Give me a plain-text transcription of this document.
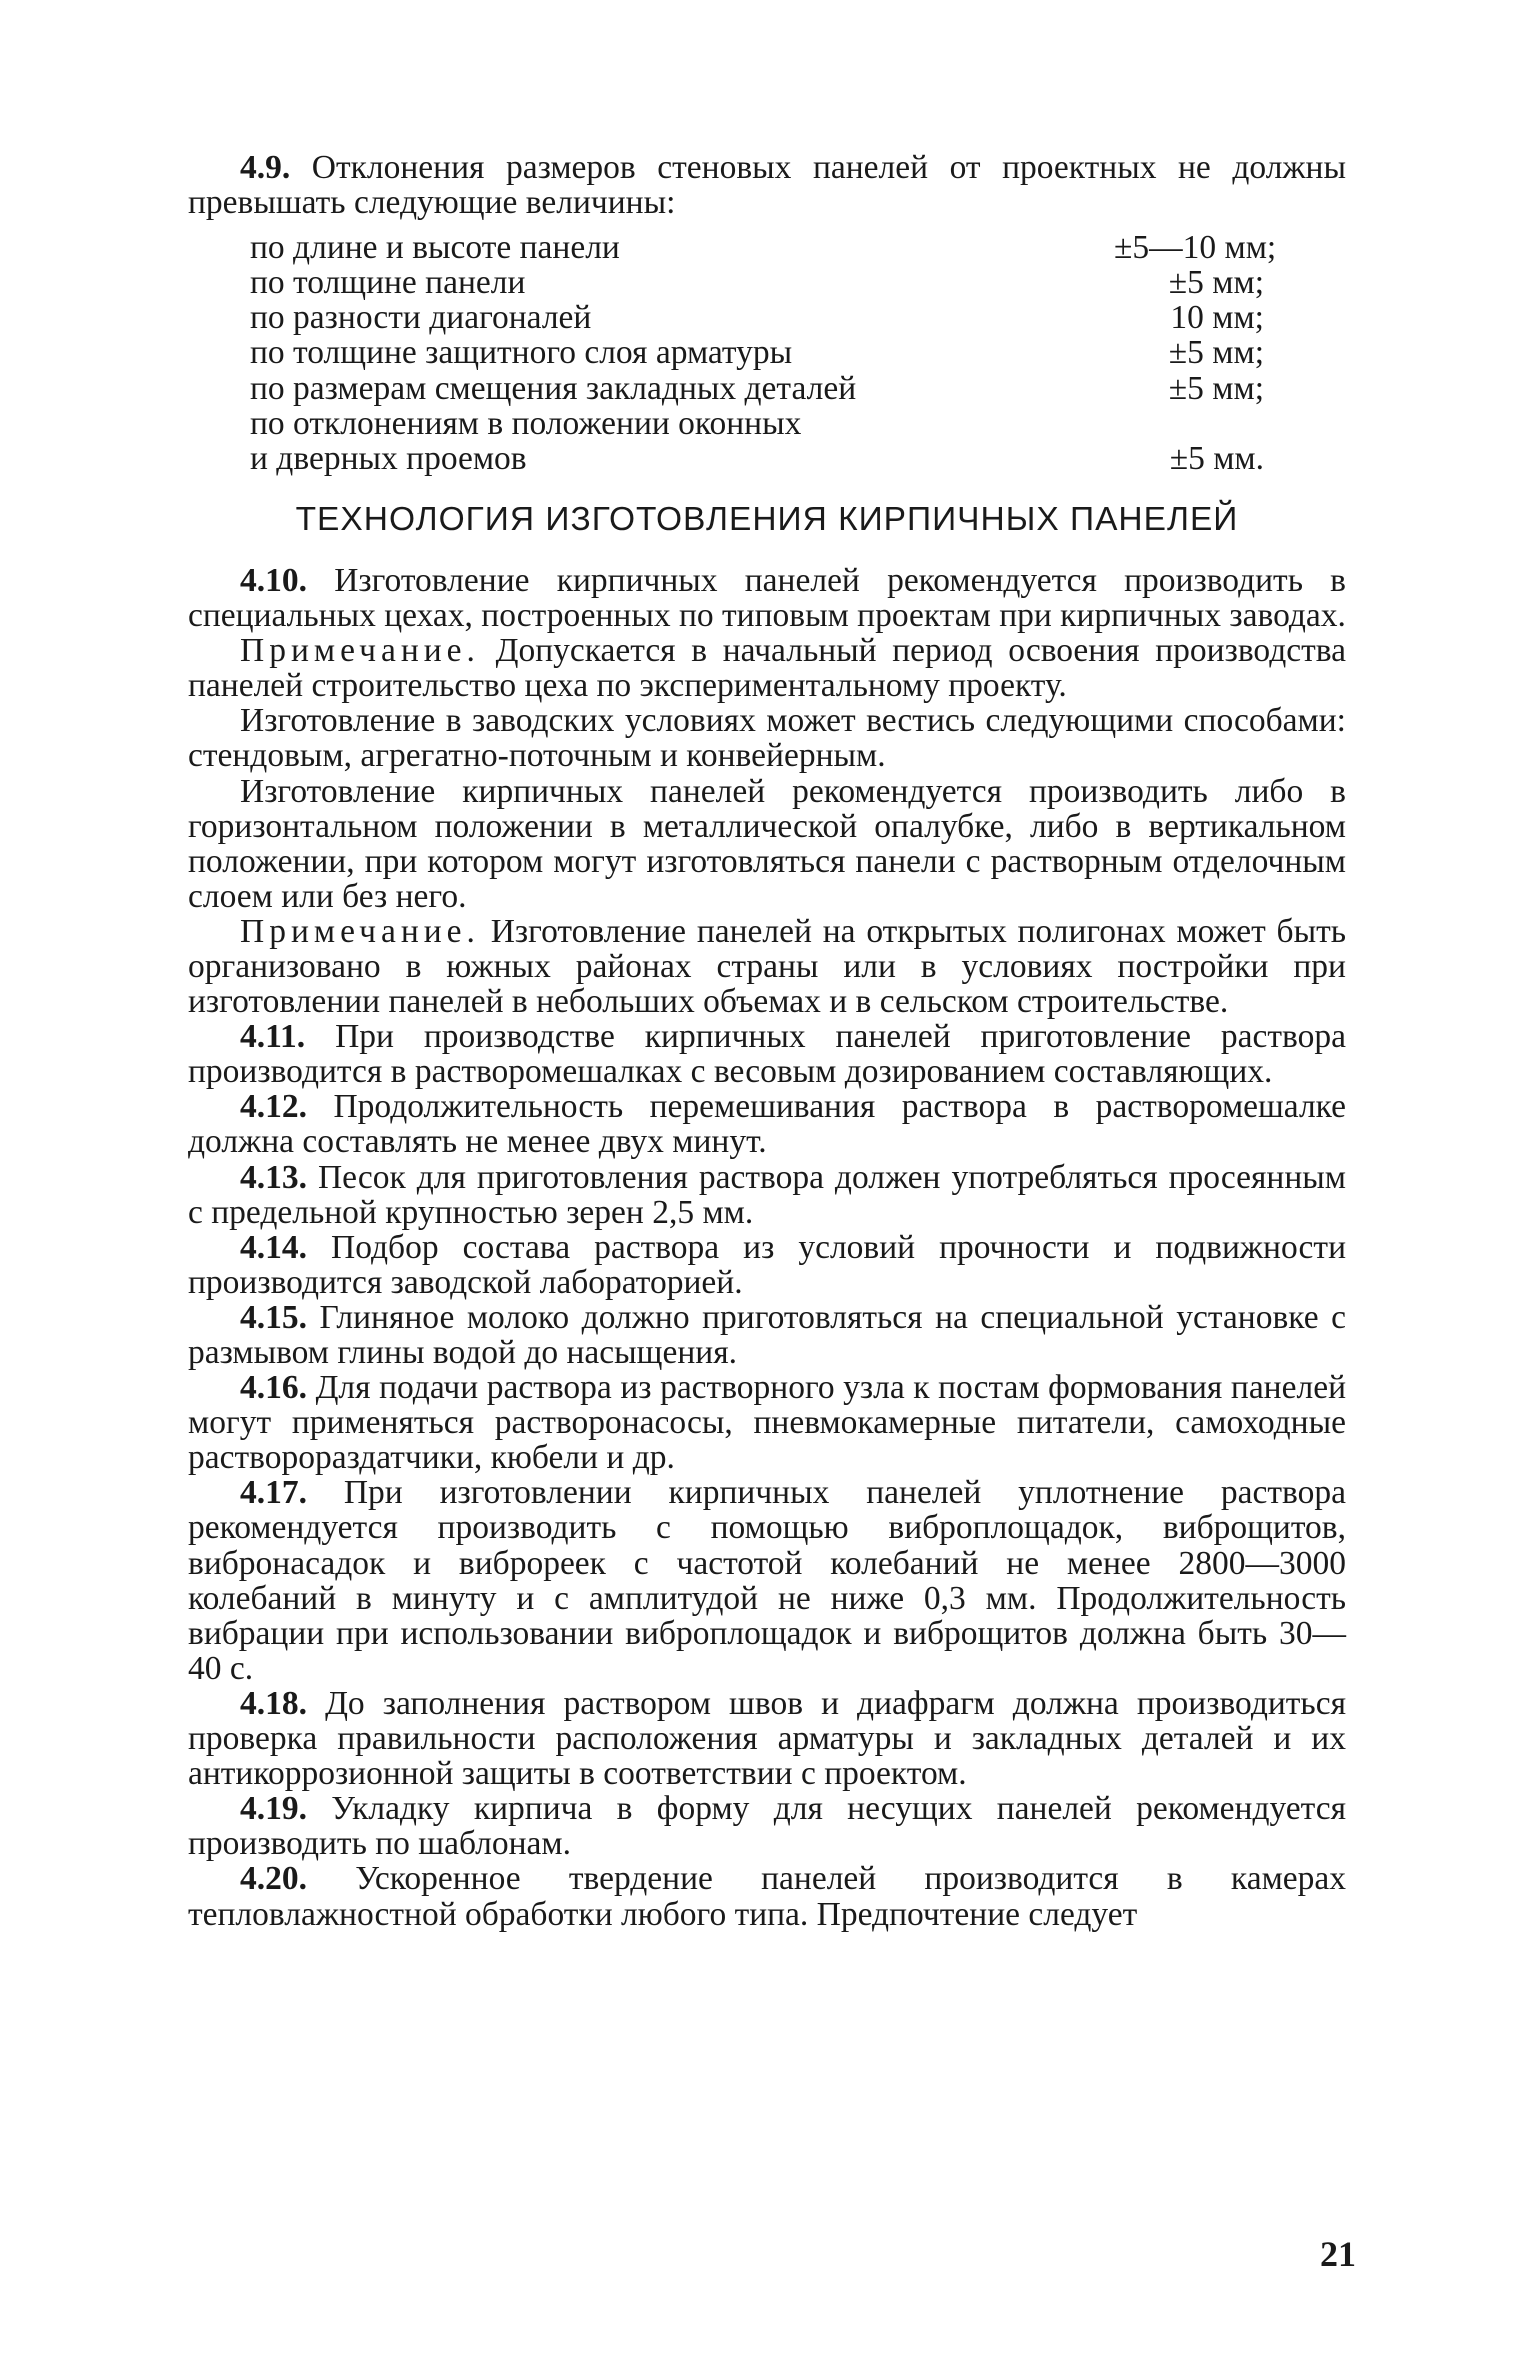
4.9. Отклонения размеров стеновых панелей от проектных не должны превышать следующие величины:

по длине и высоте панели	±5—10 мм;
по толщине панели	±5 мм;
по разности диагоналей	10 мм;
по толщине защитного слоя арматуры	±5 мм;
по размерам смещения закладных деталей	±5 мм;
по отклонениям в положении оконных
и дверных проемов	±5 мм.
ТЕХНОЛОГИЯ ИЗГОТОВЛЕНИЯ КИРПИЧНЫХ ПАНЕЛЕЙ

4.10. Изготовление кирпичных панелей рекомендуется производить в специальных цехах, построенных по типовым проектам при кирпичных заводах.

Примечание. Допускается в начальный период освоения производства панелей строительство цеха по экспериментальному проекту.

Изготовление в заводских условиях может вестись следующими способами: стендовым, агрегатно-поточным и конвейерным.

Изготовление кирпичных панелей рекомендуется производить либо в горизонтальном положении в металлической опалубке, либо в вертикальном положении, при котором могут изготовляться панели с растворным отделочным слоем или без него.

Примечание. Изготовление панелей на открытых полигонах может быть организовано в южных районах страны или в условиях постройки при изготовлении панелей в небольших объемах и в сельском строительстве.

4.11. При производстве кирпичных панелей приготовление раствора производится в растворомешалках с весовым дозированием составляющих.

4.12. Продолжительность перемешивания раствора в растворомешалке должна составлять не менее двух минут.

4.13. Песок для приготовления раствора должен употребляться просеянным с предельной крупностью зерен 2,5 мм.

4.14. Подбор состава раствора из условий прочности и подвижности производится заводской лабораторией.

4.15. Глиняное молоко должно приготовляться на специальной установке с размывом глины водой до насыщения.

4.16. Для подачи раствора из растворного узла к постам формования панелей могут применяться растворонасосы, пневмокамерные питатели, самоходные растворораздатчики, кюбели и др.

4.17. При изготовлении кирпичных панелей уплотнение раствора рекомендуется производить с помощью виброплощадок, виброщитов, вибронасадок и виброреек с частотой колебаний не менее 2800—3000 колебаний в минуту и с амплитудой не ниже 0,3 мм. Продолжительность вибрации при использовании виброплощадок и виброщитов должна быть 30—40 с.

4.18. До заполнения раствором швов и диафрагм должна производиться проверка правильности расположения арматуры и закладных деталей и их антикоррозионной защиты в соответствии с проектом.

4.19. Укладку кирпича в форму для несущих панелей рекомендуется производить по шаблонам.

4.20. Ускоренное твердение панелей производится в камерах тепловлажностной обработки любого типа. Предпочтение следует

21
